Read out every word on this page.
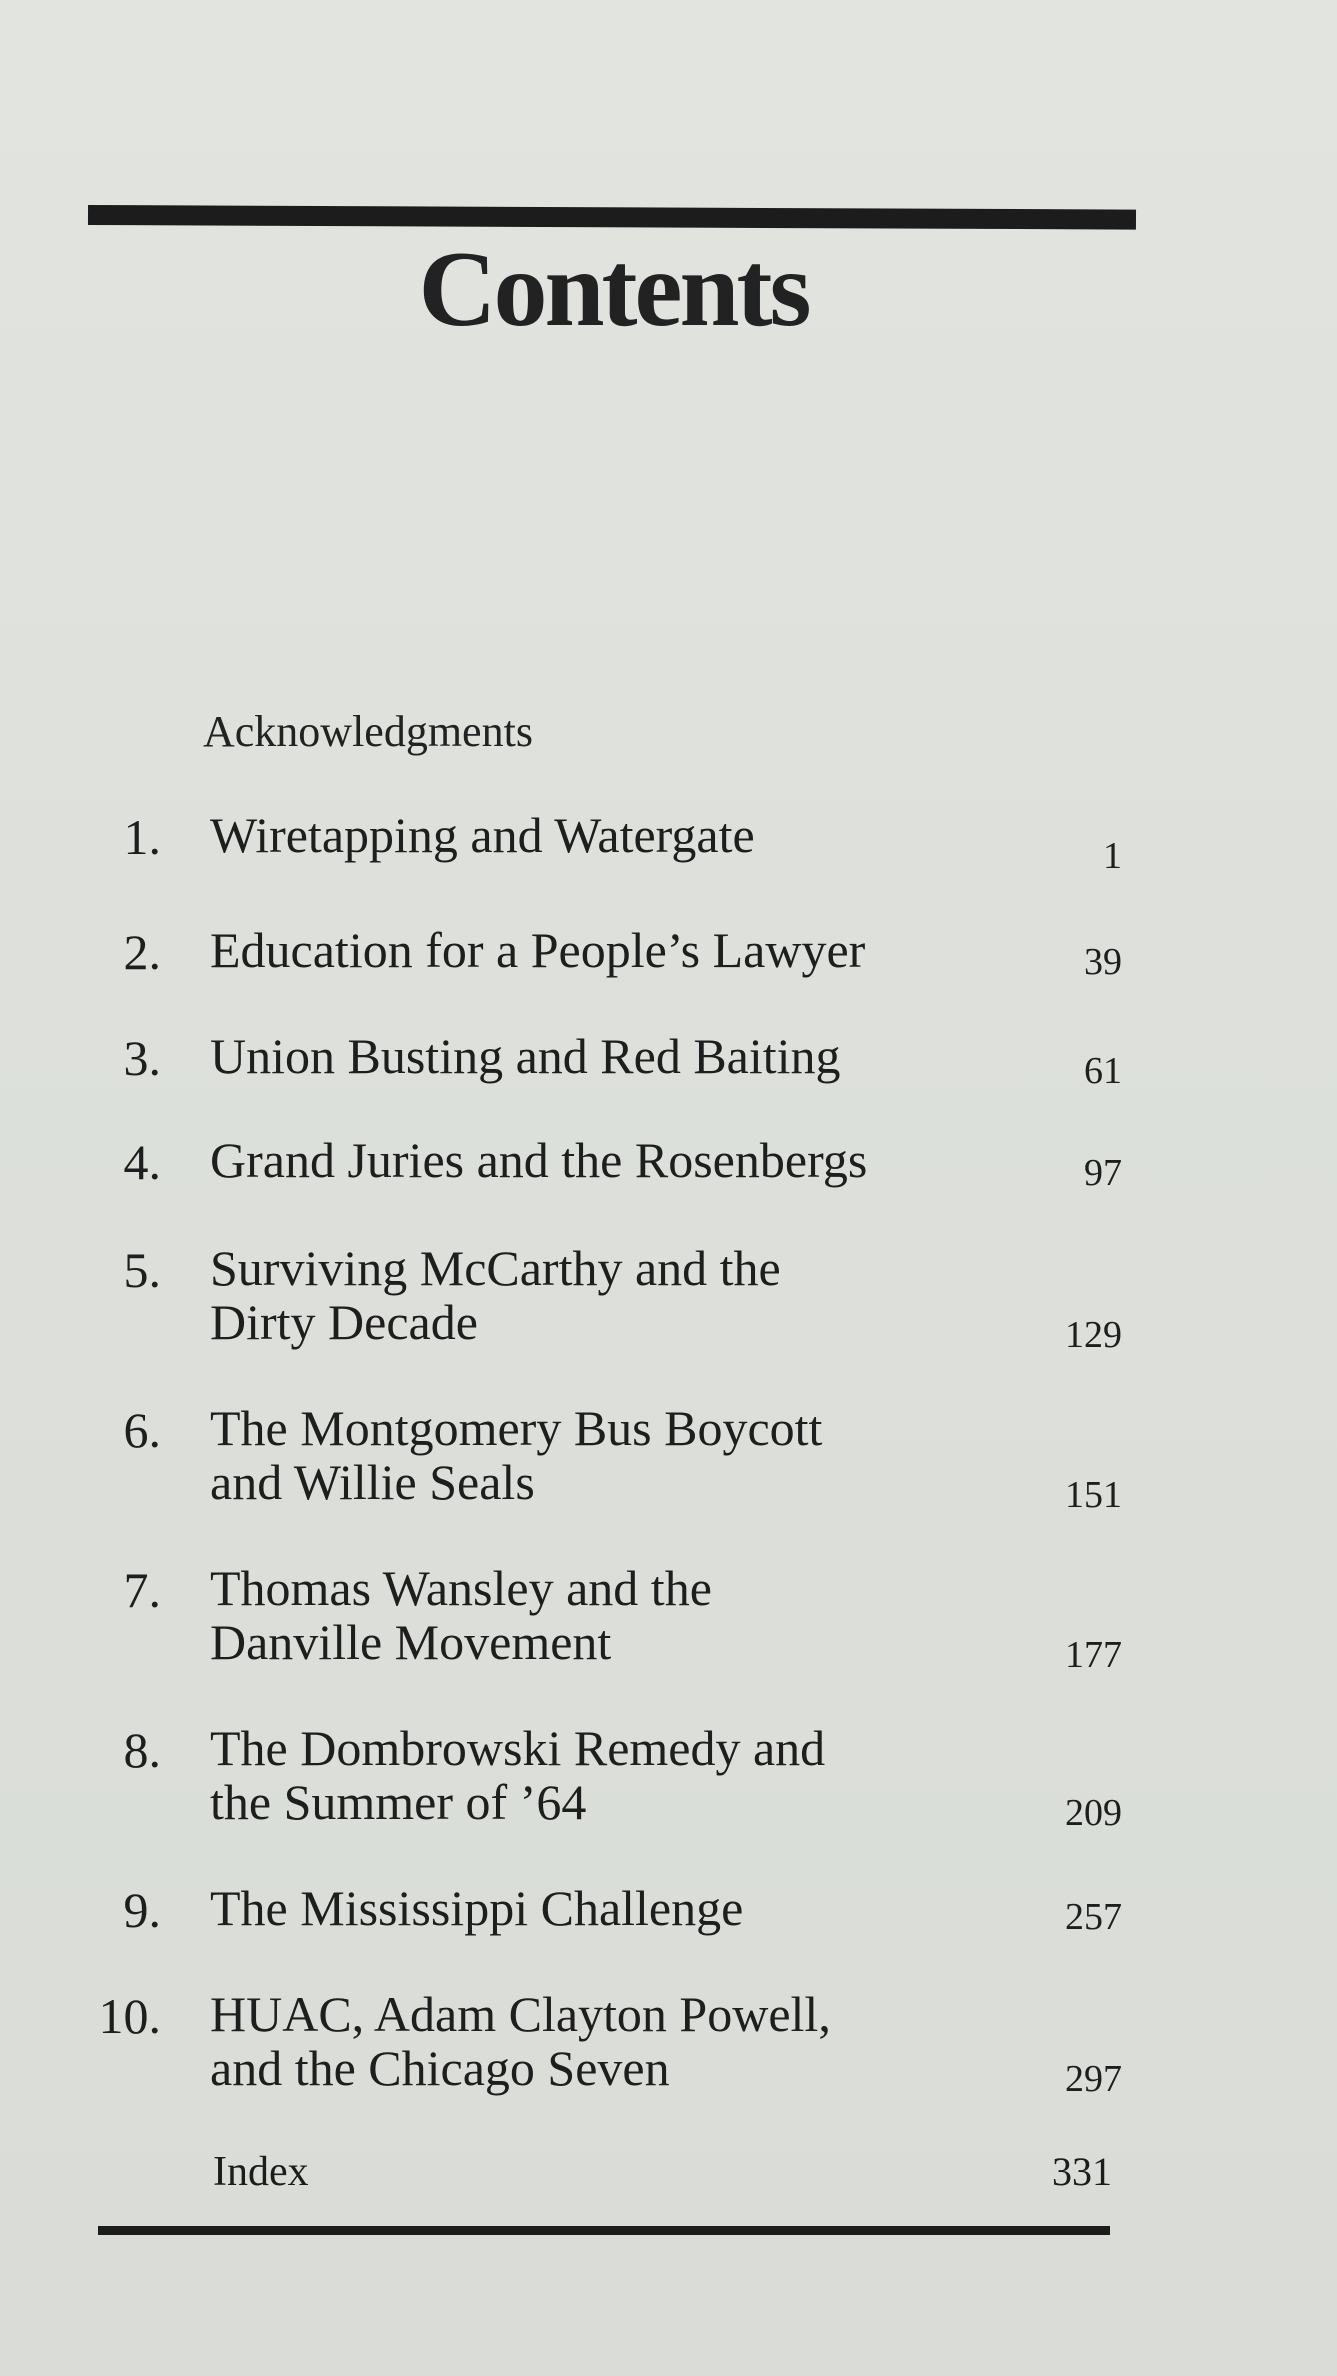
Contents
Acknowledgments
1. Wiretapping and Watergate	1
2. Education for a People’s Lawyer	39
3. Union Busting and Red Baiting	61
4. Grand Juries and the Rosenbergs	97
5. Surviving McCarthy and the
Dirty Decade	129
6. The Montgomery Bus Boycott
and Willie Seals	151
7. Thomas Wansley and the
Danville Movement	177
8. The Dombrowski Remedy and
the Summer of ’64	209
9. The Mississippi Challenge	257
10. HUAC, Adam Clayton Powell,
and the Chicago Seven	297
Index	331
